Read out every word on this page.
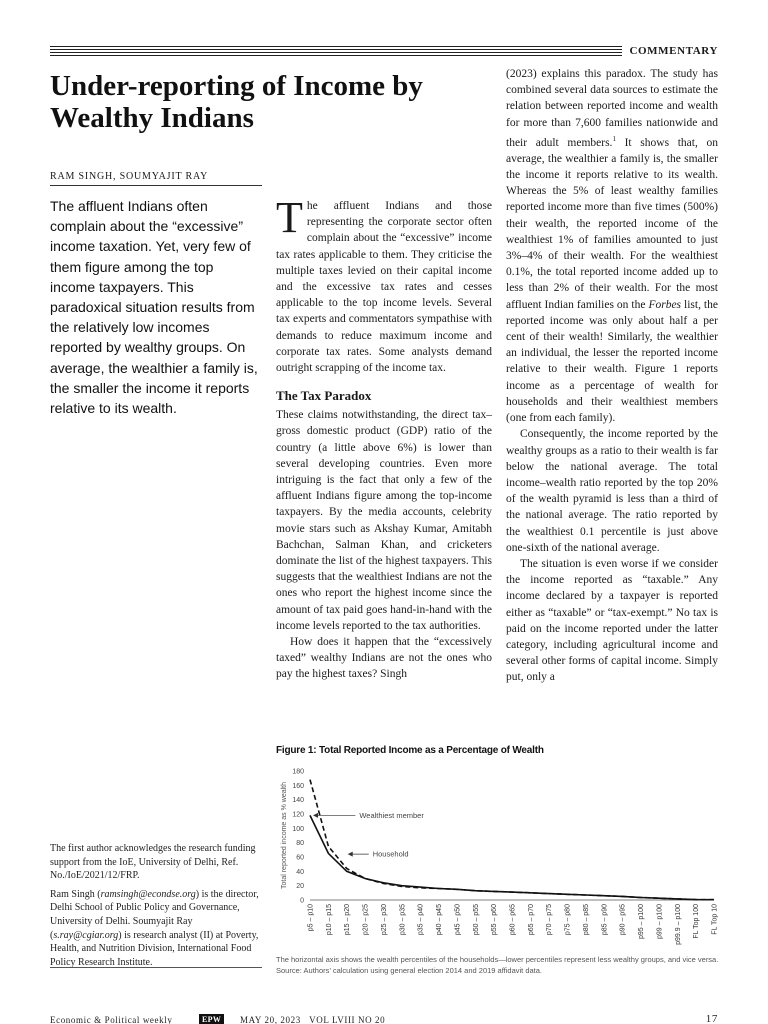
COMMENTARY
Under-reporting of Income by Wealthy Indians
RAM SINGH, SOUMYAJIT RAY
The affluent Indians often complain about the “excessive” income taxation. Yet, very few of them figure among the top income taxpayers. This paradoxical situation results from the relatively low incomes reported by wealthy groups. On average, the wealthier a family is, the smaller the income it reports relative to its wealth.

The affluent Indians and those representing the corporate sector often complain about the “excessive” income tax rates applicable to them. They criticise the multiple taxes levied on their capital income and the excessive tax rates and cesses applicable to the top income levels. Several tax experts and commentators sympathise with demands to reduce maximum income and corporate tax rates. Some analysts demand outright scrapping of the income tax.

The Tax Paradox

These claims notwithstanding, the direct tax–gross domestic product (GDP) ratio of the country (a little above 6%) is lower than several developing countries. Even more intriguing is the fact that only a few of the affluent Indians figure among the top-income taxpayers. By the media accounts, celebrity movie stars such as Akshay Kumar, Amitabh Bachchan, Salman Khan, and cricketers dominate the list of the highest taxpayers. This suggests that the wealthiest Indians are not the ones who report the highest income since the amount of tax paid goes hand-in-hand with the income levels reported to the tax authorities.

How does it happen that the “excessively taxed” wealthy Indians are not the ones who pay the highest taxes? Singh

(2023) explains this paradox. The study has combined several data sources to estimate the relation between reported income and wealth for more than 7,600 families nationwide and their adult members.$^1$ It shows that, on average, the wealthier a family is, the smaller the income it reports relative to its wealth. Whereas the 5% of least wealthy families reported income more than five times (500%) their wealth, the reported income of the wealthiest 1% of families amounted to just 3%–4% of their wealth. For the wealthiest 0.1%, the total reported income added up to less than 2% of their wealth. For the most affluent Indian families on the Forbes list, the reported income was only about half a per cent of their wealth! Similarly, the wealthier an individual, the lesser the reported income relative to their wealth. Figure 1 reports income as a percentage of wealth for households and their wealthiest members (one from each family).

Consequently, the income reported by the wealthy groups as a ratio to their wealth is far below the national average. The total income–wealth ratio reported by the top 20% of the wealth pyramid is less than a third of the national average. The ratio reported by the wealthiest 0.1 percentile is just above one-sixth of the national average.

The situation is even worse if we consider the income reported as “taxable.” Any income declared by a taxpayer is reported either as “taxable” or “tax-exempt.” No tax is paid on the income reported under the latter category, including agricultural income and several other forms of capital income. Simply put, only a

The first author acknowledges the research funding support from the IoE, University of Delhi, Ref. No./IoE/2021/12/FRP.

Ram Singh (ramsingh@econdse.org) is the director, Delhi School of Public Policy and Governance, University of Delhi. Soumyajit Ray (s.ray@cgiar.org) is research analyst (II) at Poverty, Health, and Nutrition Division, International Food Policy Research Institute.

Figure 1: Total Reported Income as a Percentage of Wealth
Total reported income as % wealth
0
20
40
60
80
100
120
140
160
180
p5 – p10 p10 – p15 p15 – p20 p20 – p25 p25 – p30 p30 – p35 p35 – p40 p40 – p45 p45 – p50 p50 – p55 p55 – p60 p60 – p65 p65 – p70 p70 – p75 p75 – p80 p80 – p85 p85 – p90 p90 – p95 p95 – p100 p99 – p100 p99.9 – p100 FL Top 100 FL Top 10
Wealthiest member
Household
The horizontal axis shows the wealth percentiles of the households—lower percentiles represent less wealthy groups, and vice versa.
Source: Authors’ calculation using general election 2014 and 2019 affidavit data.
Economic & Political weekly	EPW	MAY 20, 2023   VOL LVIII NO 20	17
